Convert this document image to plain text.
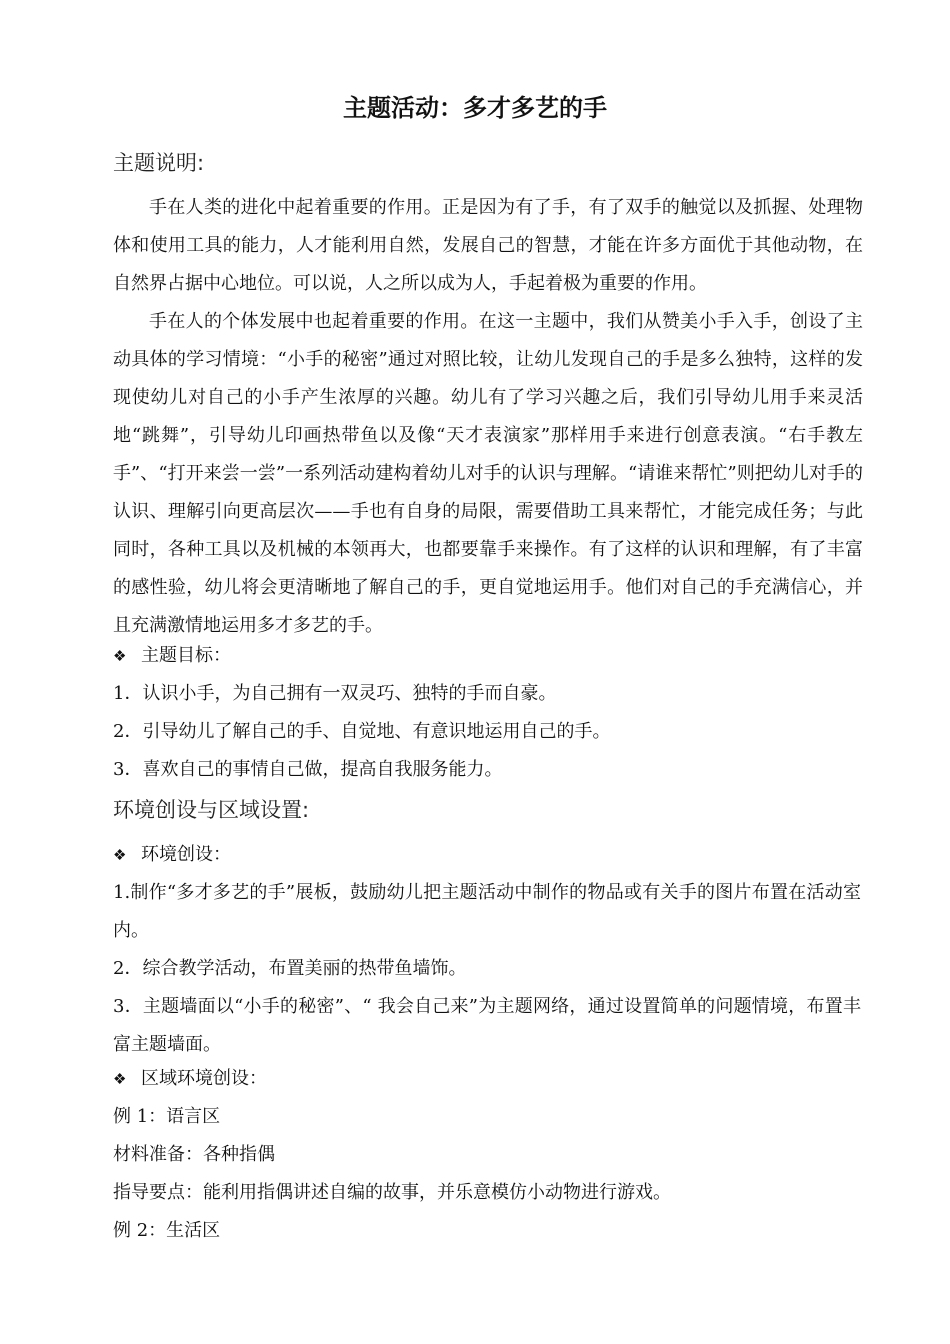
主题活动：多才多艺的手
主题说明:

手在人类的进化中起着重要的作用。正是因为有了手，有了双手的触觉以及抓握、处理物体和使用工具的能力，人才能利用自然，发展自己的智慧，才能在许多方面优于其他动物，在自然界占据中心地位。可以说，人之所以成为人，手起着极为重要的作用。

手在人的个体发展中也起着重要的作用。在这一主题中，我们从赞美小手入手，创设了主动具体的学习情境：“小手的秘密”通过对照比较，让幼儿发现自己的手是多么独特，这样的发现使幼儿对自己的小手产生浓厚的兴趣。幼儿有了学习兴趣之后，我们引导幼儿用手来灵活地“跳舞”，引导幼儿印画热带鱼以及像“天才表演家”那样用手来进行创意表演。“右手教左手”、“打开来尝一尝”一系列活动建构着幼儿对手的认识与理解。“请谁来帮忙”则把幼儿对手的认识、理解引向更高层次——手也有自身的局限，需要借助工具来帮忙，才能完成任务；与此同时，各种工具以及机械的本领再大，也都要靠手来操作。有了这样的认识和理解，有了丰富的感性验，幼儿将会更清晰地了解自己的手，更自觉地运用手。他们对自己的手充满信心，并且充满激情地运用多才多艺的手。

❖ 主题目标：
1．认识小手，为自己拥有一双灵巧、独特的手而自豪。
2．引导幼儿了解自己的手、自觉地、有意识地运用自己的手。
3．喜欢自己的事情自己做，提高自我服务能力。
环境创设与区域设置:
❖ 环境创设：
1.制作“多才多艺的手”展板，鼓励幼儿把主题活动中制作的物品或有关手的图片布置在活动室内。
2．综合教学活动，布置美丽的热带鱼墙饰。
3．主题墙面以“小手的秘密”、“ 我会自己来”为主题网络，通过设置简单的问题情境，布置丰富主题墙面。
❖ 区域环境创设：
例 1：语言区
材料准备：各种指偶
指导要点：能利用指偶讲述自编的故事，并乐意模仿小动物进行游戏。
例 2：生活区
